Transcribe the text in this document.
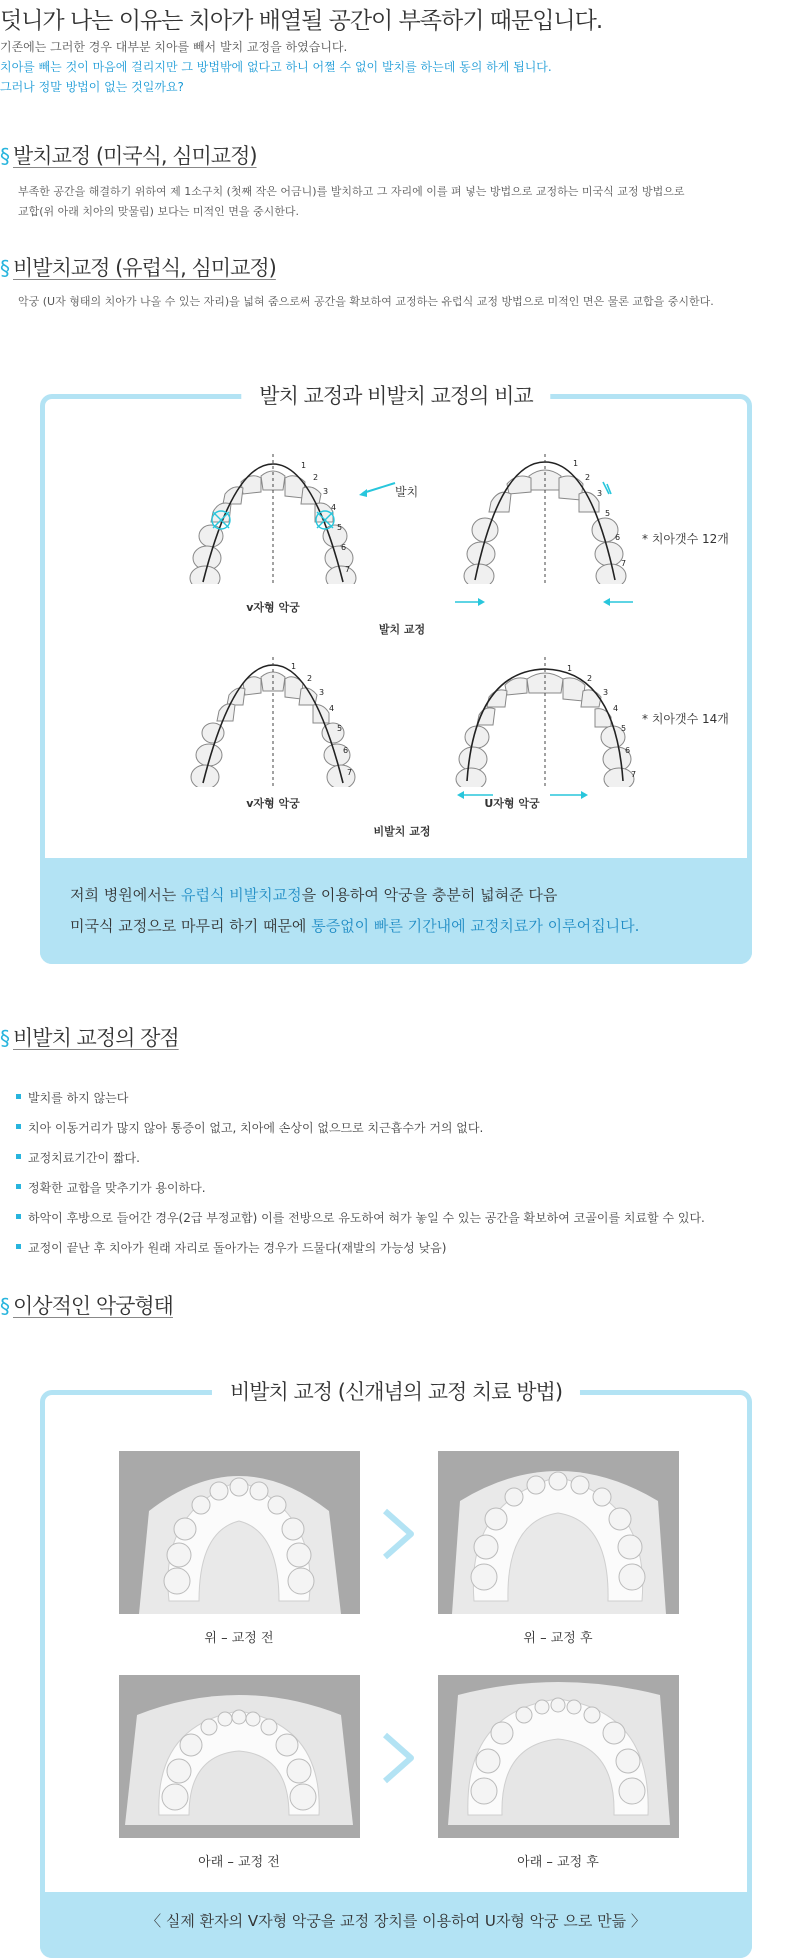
덧니가 나는 이유는 치아가 배열될 공간이 부족하기 때문입니다.
기존에는 그러한 경우 대부분 치아를 빼서 발치 교정을 하였습니다.
치아를 빼는 것이 마음에 걸리지만 그 방법밖에 없다고 하니 어쩔 수 없이 발치를 하는데 동의 하게 됩니다.
그러나 정말 방법이 없는 것일까요?
§ 발치교정 (미국식, 심미교정)
부족한 공간을 해결하기 위하여 제 1소구치 (첫째 작은 어금니)를 발치하고 그 자리에 이를 펴 넣는 방법으로 교정하는 미국식 교정 방법으로
교합(위 아래 치아의 맞물림) 보다는 미적인 면을 중시한다.
§ 비발치교정 (유럽식, 심미교정)
악궁 (U자 형태의 치아가 나올 수 있는 자리)을 넓혀 줌으로써 공간을 확보하여 교정하는 유럽식 교정 방법으로 미적인 면은 물론 교합을 중시한다.
발치 교정과 비발치 교정의 비교
1
2
3
4
5
6
7
발치
v자형 악궁
1
2
3
5
6
7
* 치아갯수 12개
발치 교정
1
2
3
4
5
6
7
v자형 악궁
1
2
3
4
5
6
7
U자형 악궁
* 치아갯수 14개
비발치 교정
저희 병원에서는 유럽식 비발치교정을 이용하여 악궁을 충분히 넓혀준 다음
미국식 교정으로 마무리 하기 때문에 통증없이 빠른 기간내에 교정치료가 이루어집니다.
§ 비발치 교정의 장점
발치를 하지 않는다
치아 이동거리가 많지 않아 통증이 없고, 치아에 손상이 없으므로 치근흡수가 거의 없다.
교정치료기간이 짧다.
정확한 교합을 맞추기가 용이하다.
하악이 후방으로 들어간 경우(2급 부정교합) 이를 전방으로 유도하여 혀가 놓일 수 있는 공간을 확보하여 코골이를 치료할 수 있다.
교정이 끝난 후 치아가 원래 자리로 돌아가는 경우가 드물다(재발의 가능성 낮음)
§ 이상적인 악궁형태
비발치 교정 (신개념의 교정 치료 방법)
위 – 교정 전	위 – 교정 후
아래 – 교정 전	아래 – 교정 후
〈 실제 환자의 V자형 악궁을 교정 장치를 이용하여 U자형 악궁 으로 만듦 〉
